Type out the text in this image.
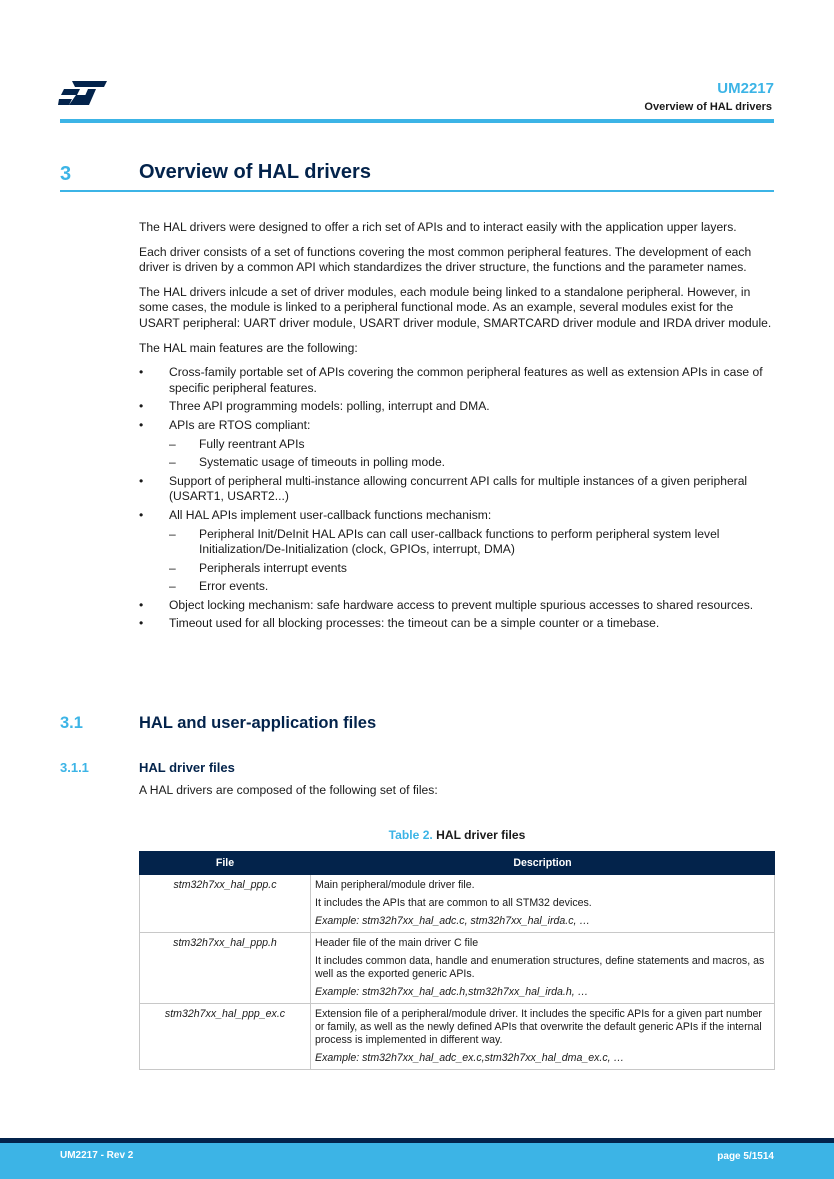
UM2217
Overview of HAL drivers
3	Overview of HAL drivers

The HAL drivers were designed to offer a rich set of APIs and to interact easily with the application upper layers.

Each driver consists of a set of functions covering the most common peripheral features. The development of each driver is driven by a common API which standardizes the driver structure, the functions and the parameter names.

The HAL drivers inlcude a set of driver modules, each module being linked to a standalone peripheral. However, in some cases, the module is linked to a peripheral functional mode. As an example, several modules exist for the USART peripheral: UART driver module, USART driver module, SMARTCARD driver module and IRDA driver module.

The HAL main features are the following:

• Cross-family portable set of APIs covering the common peripheral features as well as extension APIs in case of specific peripheral features.
• Three API programming models: polling, interrupt and DMA.
• APIs are RTOS compliant:
– Fully reentrant APIs
– Systematic usage of timeouts in polling mode.
• Support of peripheral multi-instance allowing concurrent API calls for multiple instances of a given peripheral (USART1, USART2...)
• All HAL APIs implement user-callback functions mechanism:
– Peripheral Init/DeInit HAL APIs can call user-callback functions to perform peripheral system level Initialization/De-Initialization (clock, GPIOs, interrupt, DMA)
– Peripherals interrupt events
– Error events.
• Object locking mechanism: safe hardware access to prevent multiple spurious accesses to shared resources.
• Timeout used for all blocking processes: the timeout can be a simple counter or a timebase.
3.1	HAL and user-application files
3.1.1	HAL driver files
A HAL drivers are composed of the following set of files:
Table 2. HAL driver files
File	Description
stm32h7xx_hal_ppp.c	Main peripheral/module driver file.
It includes the APIs that are common to all STM32 devices.
Example: stm32h7xx_hal_adc.c, stm32h7xx_hal_irda.c, …

stm32h7xx_hal_ppp.h	Header file of the main driver C file
It includes common data, handle and enumeration structures, define statements and macros, as well as the exported generic APIs.
Example: stm32h7xx_hal_adc.h,stm32h7xx_hal_irda.h, …

stm32h7xx_hal_ppp_ex.c	Extension file of a peripheral/module driver. It includes the specific APIs for a given part number or family, as well as the newly defined APIs that overwrite the default generic APIs if the internal process is implemented in different way.
Example: stm32h7xx_hal_adc_ex.c,stm32h7xx_hal_dma_ex.c, …
UM2217 - Rev 2	page 5/1514
